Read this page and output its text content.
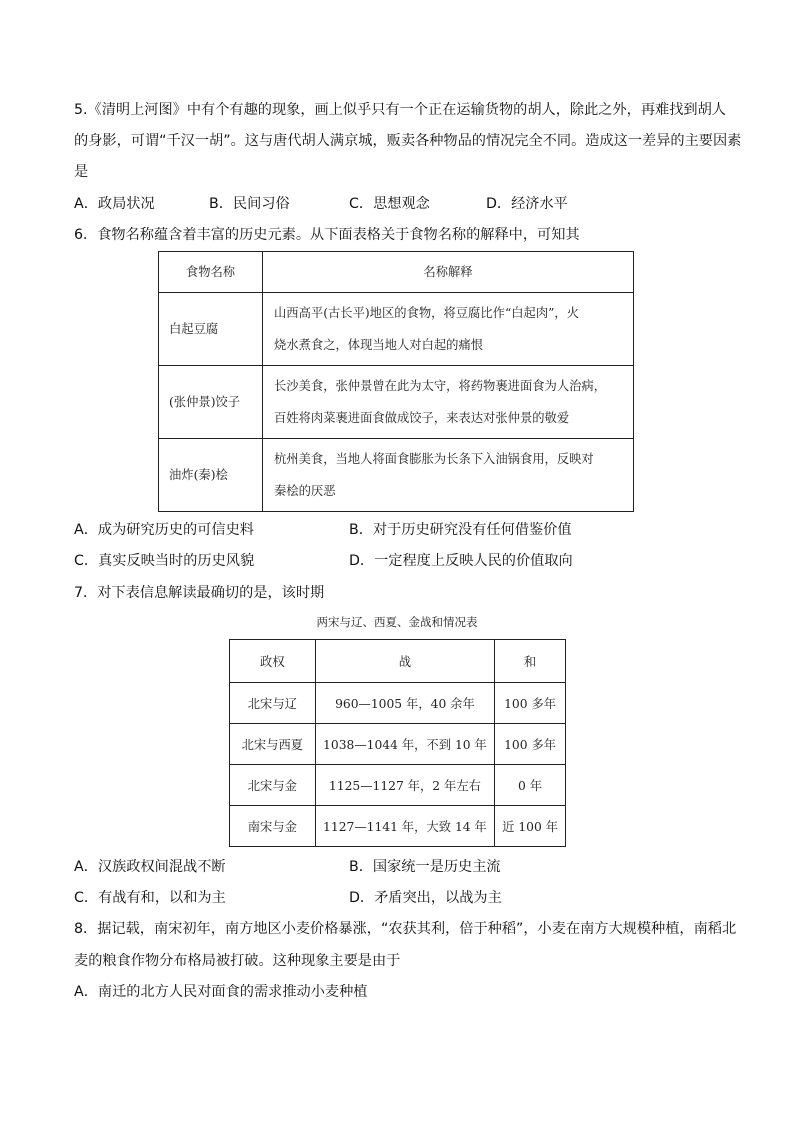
5.《清明上河图》中有个有趣的现象，画上似乎只有一个正在运输货物的胡人，除此之外，再难找到胡人
的身影，可谓“千汉一胡”。这与唐代胡人满京城，贩卖各种物品的情况完全不同。造成这一差异的主要因素
是
A．政局状况	B．民间习俗	C．思想观念	D．经济水平
6．食物名称蕴含着丰富的历史元素。从下面表格关于食物名称的解释中，可知其
食物名称	名称解释
白起豆腐	山西高平(古长平)地区的食物，将豆腐比作“白起肉”，火
烧水煮食之，体现当地人对白起的痛恨

(张仲景)饺子	长沙美食，张仲景曾在此为太守，将药物裹进面食为人治病，
百姓将肉菜裹进面食做成饺子，来表达对张仲景的敬爱

油炸(秦)桧	杭州美食，当地人将面食膨胀为长条下入油锅食用，反映对
秦桧的厌恶
A．成为研究历史的可信史料	B．对于历史研究没有任何借鉴价值
C．真实反映当时的历史风貌	D．一定程度上反映人民的价值取向
7．对下表信息解读最确切的是，该时期
两宋与辽、西夏、金战和情况表
政权	战	和
北宋与辽	960—1005 年，40 余年	100 多年
北宋与西夏	1038—1044 年，不到 10 年	100 多年
北宋与金	1125—1127 年，2 年左右	0 年
南宋与金	1127—1141 年，大致 14 年	近 100 年
A．汉族政权间混战不断	B．国家统一是历史主流
C．有战有和，以和为主	D．矛盾突出，以战为主
8．据记载，南宋初年，南方地区小麦价格暴涨，“农获其利，倍于种稻”，小麦在南方大规模种植，南稻北
麦的粮食作物分布格局被打破。这种现象主要是由于
A．南迁的北方人民对面食的需求推动小麦种植
